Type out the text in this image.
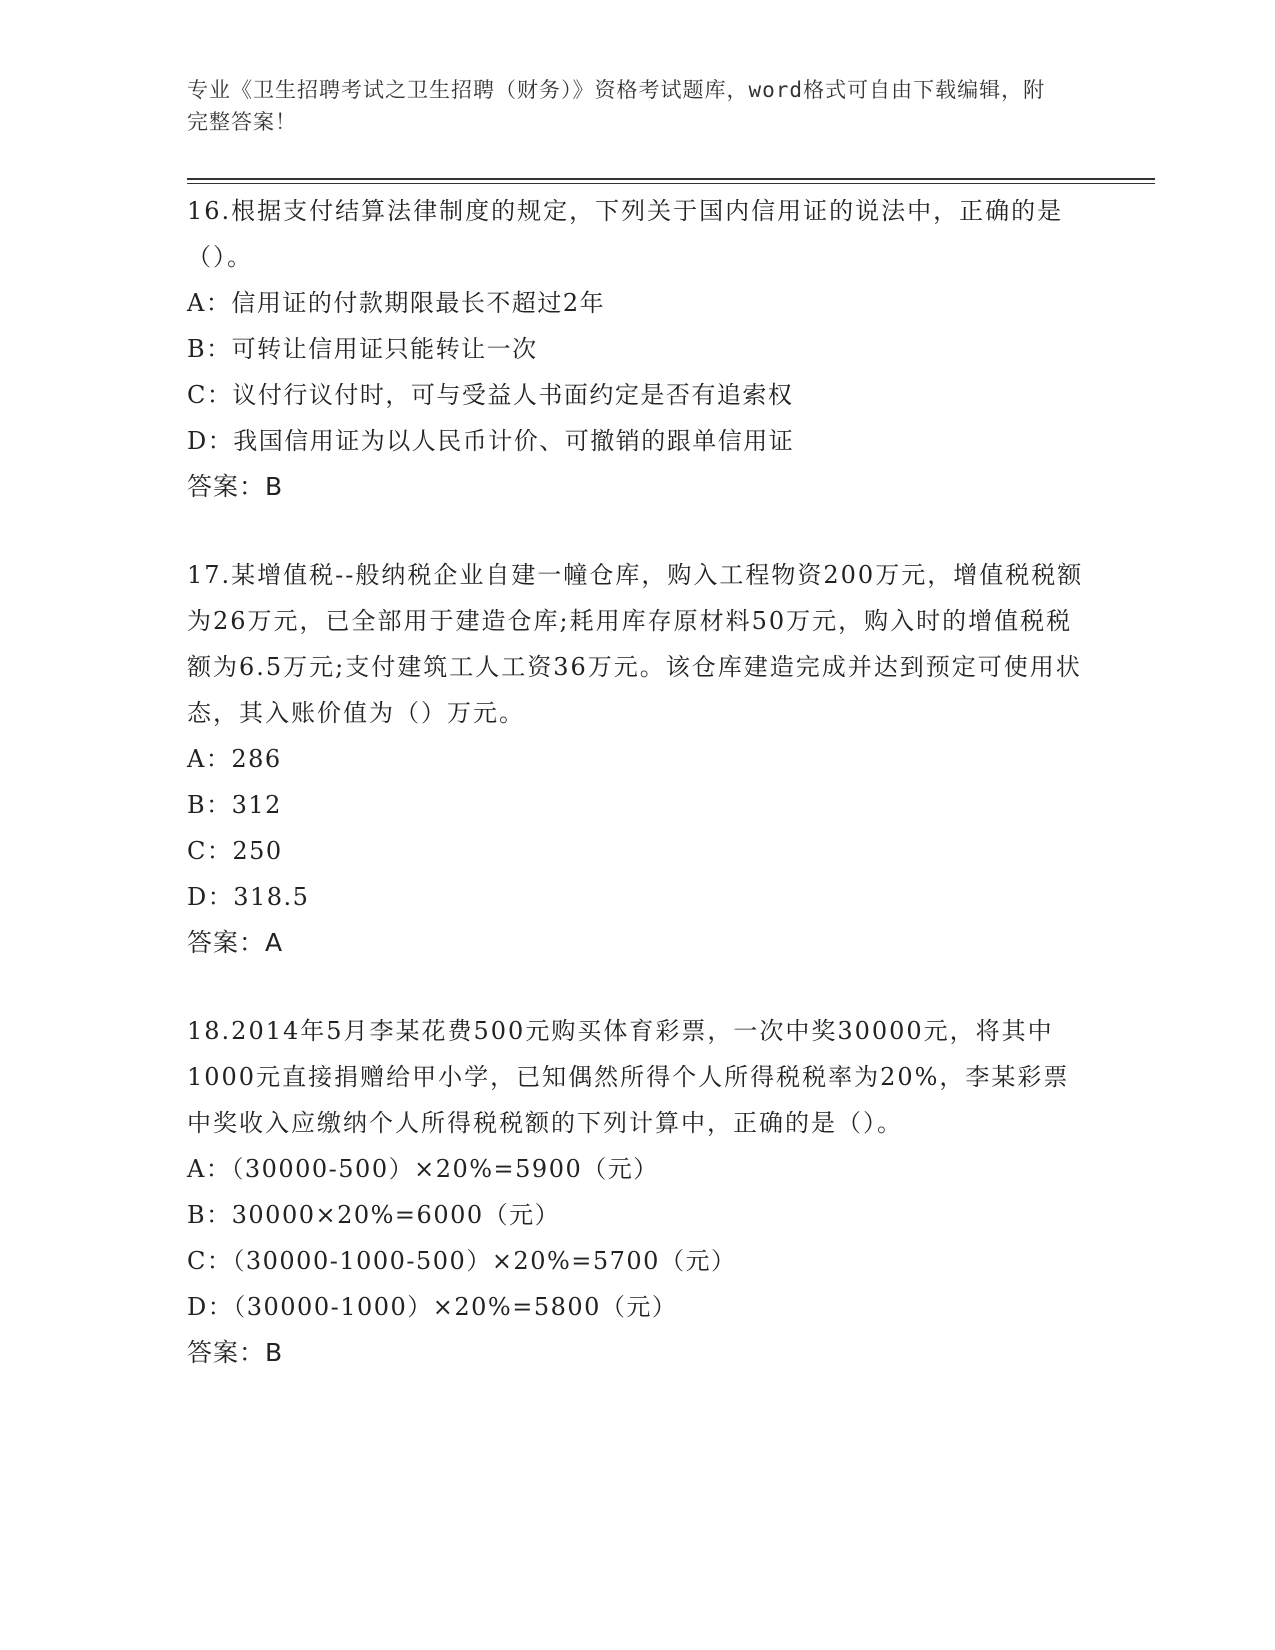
专业《卫生招聘考试之卫生招聘（财务）》资格考试题库，word格式可自由下载编辑，附完整答案！

16.根据支付结算法律制度的规定，下列关于国内信用证的说法中，正确的是（）。

A：信用证的付款期限最长不超过2年
B：可转让信用证只能转让一次
C：议付行议付时，可与受益人书面约定是否有追索权
D：我国信用证为以人民币计价、可撤销的跟单信用证
答案：B

17.某增值税--般纳税企业自建一幢仓库，购入工程物资200万元，增值税税额为26万元，已全部用于建造仓库;耗用库存原材料50万元，购入时的增值税税额为6.5万元;支付建筑工人工资36万元。该仓库建造完成并达到预定可使用状态，其入账价值为（）万元。

A：286
B：312
C：250
D：318.5
答案：A

18.2014年5月李某花费500元购买体育彩票，一次中奖30000元，将其中1000元直接捐赠给甲小学，已知偶然所得个人所得税税率为20%，李某彩票中奖收入应缴纳个人所得税税额的下列计算中，正确的是（）。

A：（30000-500）×20%=5900（元）
B：30000×20%=6000（元）
C：（30000-1000-500）×20%=5700（元）
D：（30000-1000）×20%=5800（元）
答案：B
